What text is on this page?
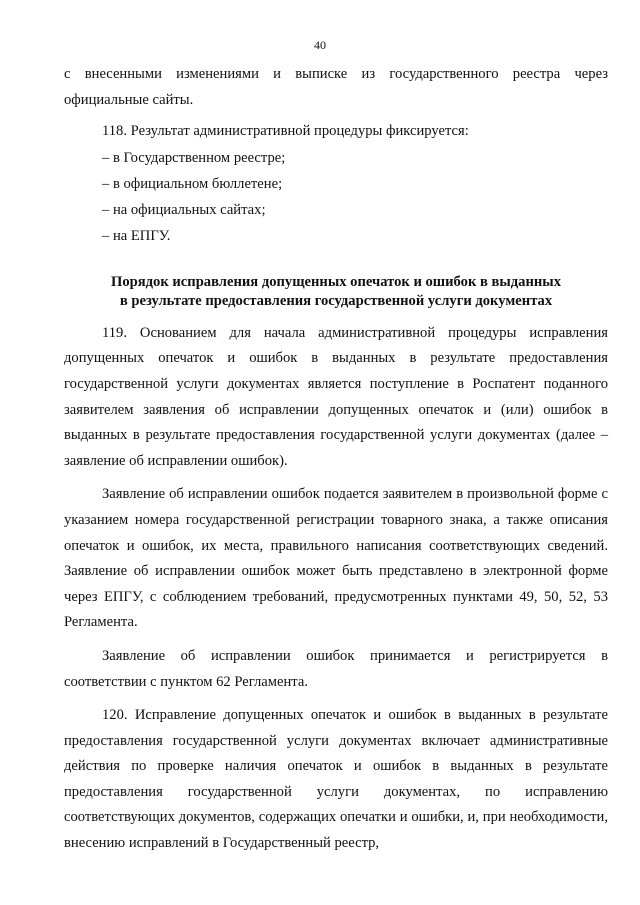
40

с внесенными изменениями и выписке из государственного реестра через официальные сайты.

118. Результат административной процедуры фиксируется:

– в Государственном реестре;

– в официальном бюллетене;

– на официальных сайтах;

– на ЕПГУ.

Порядок исправления допущенных опечаток и ошибок в выданных
в результате предоставления государственной услуги документах

119. Основанием для начала административной процедуры исправления допущенных опечаток и ошибок в выданных в результате предоставления государственной услуги документах является поступление в Роспатент поданного заявителем заявления об исправлении допущенных опечаток и (или) ошибок в выданных в результате предоставления государственной услуги документах (далее – заявление об исправлении ошибок).

Заявление об исправлении ошибок подается заявителем в произвольной форме с указанием номера государственной регистрации товарного знака, а также описания опечаток и ошибок, их места, правильного написания соответствующих сведений. Заявление об исправлении ошибок может быть представлено в электронной форме через ЕПГУ, с соблюдением требований, предусмотренных пунктами 49, 50, 52, 53 Регламента.

Заявление об исправлении ошибок принимается и регистрируется в соответствии с пунктом 62 Регламента.

120. Исправление допущенных опечаток и ошибок в выданных в результате предоставления государственной услуги документах включает административные действия по проверке наличия опечаток и ошибок в выданных в результате предоставления государственной услуги документах, по исправлению соответствующих документов, содержащих опечатки и ошибки, и, при необходимости, внесению исправлений в Государственный реестр,
